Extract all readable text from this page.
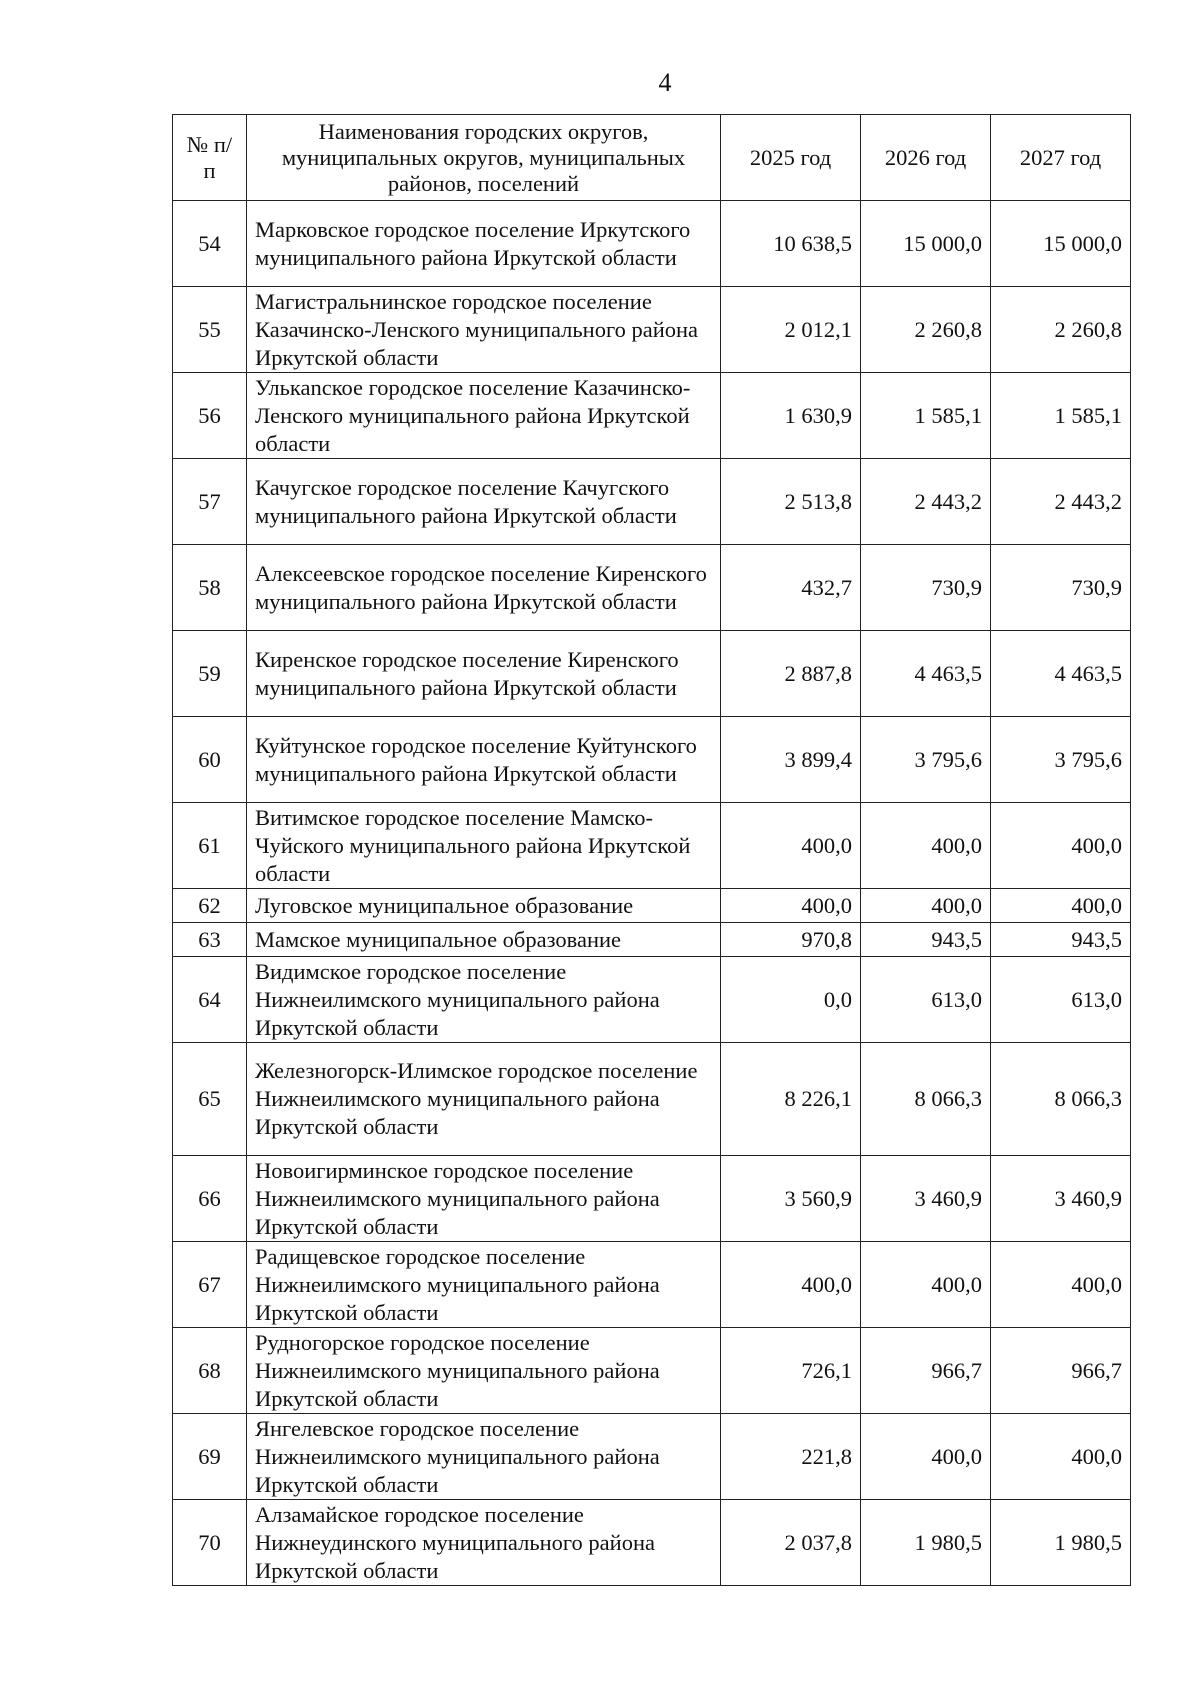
4
№ п/п	Наименования городских округов, муниципальных округов, муниципальных районов, поселений	2025 год	2026 год	2027 год
54	Марковское городское поселение Иркутского муниципального района Иркутской области	10 638,5	15 000,0	15 000,0
55	Магистральнинское городское поселение Казачинско-Ленского муниципального района Иркутской области	2 012,1	2 260,8	2 260,8
56	Улькаnское городское поселение Казачинско-Ленского муниципального района Иркутской области	1 630,9	1 585,1	1 585,1
57	Качугское городское поселение Качугского муниципального района Иркутской области	2 513,8	2 443,2	2 443,2
58	Алексеевское городское поселение Киренского муниципального района Иркутской области	432,7	730,9	730,9
59	Киренское городское поселение Киренского муниципального района Иркутской области	2 887,8	4 463,5	4 463,5
60	Куйтунское городское поселение Куйтунского муниципального района Иркутской области	3 899,4	3 795,6	3 795,6
61	Витимское городское поселение Мамско-Чуйского муниципального района Иркутской области	400,0	400,0	400,0
62	Луговское муниципальное образование	400,0	400,0	400,0
63	Мамское муниципальное образование	970,8	943,5	943,5
64	Видимское городское поселение Нижнеилимского муниципального района Иркутской области	0,0	613,0	613,0
65	Железногорск-Илимское городское поселение Нижнеилимского муниципального района Иркутской области	8 226,1	8 066,3	8 066,3
66	Новоигирминское городское поселение Нижнеилимского муниципального района Иркутской области	3 560,9	3 460,9	3 460,9
67	Радищевское городское поселение Нижнеилимского муниципального района Иркутской области	400,0	400,0	400,0
68	Рудногорское городское поселение Нижнеилимского муниципального района Иркутской области	726,1	966,7	966,7
69	Янгелевское городское поселение Нижнеилимского муниципального района Иркутской области	221,8	400,0	400,0
70	Алзамайское городское поселение Нижнеудинского муниципального района Иркутской области	2 037,8	1 980,5	1 980,5
